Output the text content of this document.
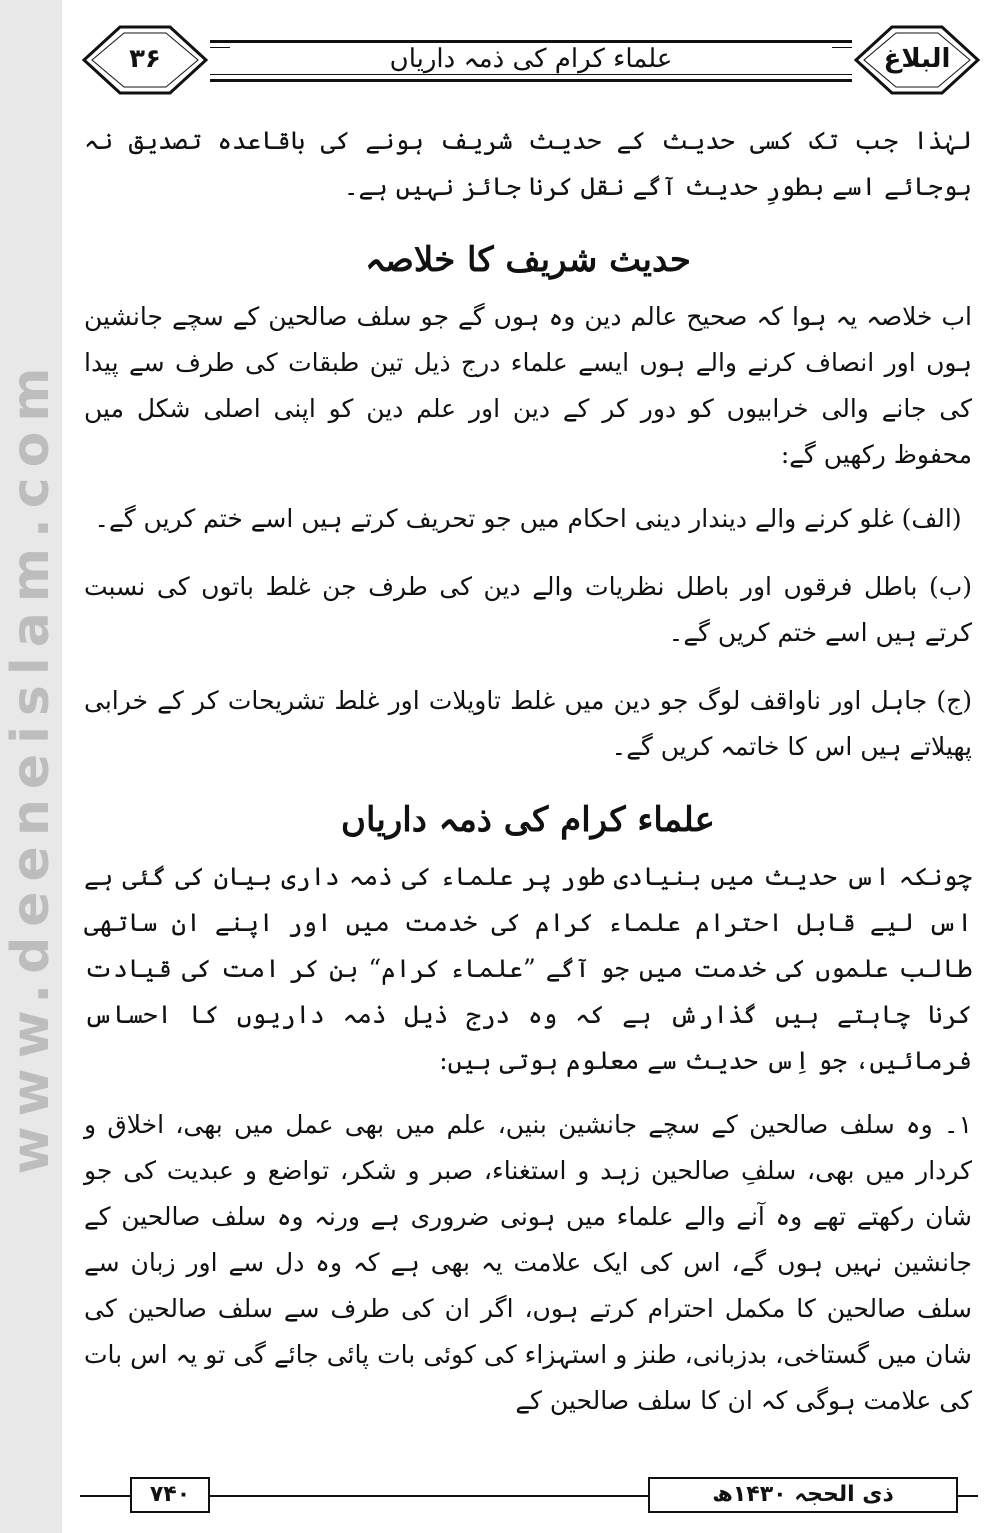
www.deeneislam.com
۳۶	علماء کرام کی ذمہ داریاں	البلاغ

لہٰذا جب تک کسی حدیث کے حدیث شریف ہونے کی باقاعدہ تصدیق نہ ہوجائے اسے بطورِ حدیث آگے نقل کرنا جائز نہیں ہے۔

حدیث شریف کا خلاصہ

اب خلاصہ یہ ہوا کہ صحیح عالم دین وہ ہوں گے جو سلف صالحین کے سچے جانشین ہوں اور انصاف کرنے والے ہوں ایسے علماء درج ذیل تین طبقات کی طرف سے پیدا کی جانے والی خرابیوں کو دور کر کے دین اور علم دین کو اپنی اصلی شکل میں محفوظ رکھیں گے:

(الف) غلو کرنے والے دیندار دینی احکام میں جو تحریف کرتے ہیں اسے ختم کریں گے۔
(ب) باطل فرقوں اور باطل نظریات والے دین کی طرف جن غلط باتوں کی نسبت کرتے ہیں اسے ختم کریں گے۔
(ج) جاہل اور ناواقف لوگ جو دین میں غلط تاویلات اور غلط تشریحات کر کے خرابی پھیلاتے ہیں اس کا خاتمہ کریں گے۔
علماء کرام کی ذمہ داریاں

چونکہ اس حدیث میں بنیادی طور پر علماء کی ذمہ داری بیان کی گئی ہے اس لیے قابل احترام علماء کرام کی خدمت میں اور اپنے ان ساتھی طالب علموں کی خدمت میں جو آگے ”علماء کرام“ بن کر امت کی قیادت کرنا چاہتے ہیں گذارش ہے کہ وہ درج ذیل ذمہ داریوں کا احساس فرمائیں، جو اِس حدیث سے معلوم ہوتی ہیں:

۱۔ وہ سلف صالحین کے سچے جانشین بنیں، علم میں بھی عمل میں بھی، اخلاق و کردار میں بھی، سلفِ صالحین زہد و استغناء، صبر و شکر، تواضع و عبدیت کی جو شان رکھتے تھے وہ آنے والے علماء میں ہونی ضروری ہے ورنہ وہ سلف صالحین کے جانشین نہیں ہوں گے، اس کی ایک علامت یہ بھی ہے کہ وہ دل سے اور زبان سے سلف صالحین کا مکمل احترام کرتے ہوں، اگر ان کی طرف سے سلف صالحین کی شان میں گستاخی، بدزبانی، طنز و استہزاء کی کوئی بات پائی جائے گی تو یہ اس بات کی علامت ہوگی کہ ان کا سلف صالحین کے

۷۴۰	ذی الحجہ ۱۴۳۰ھ
